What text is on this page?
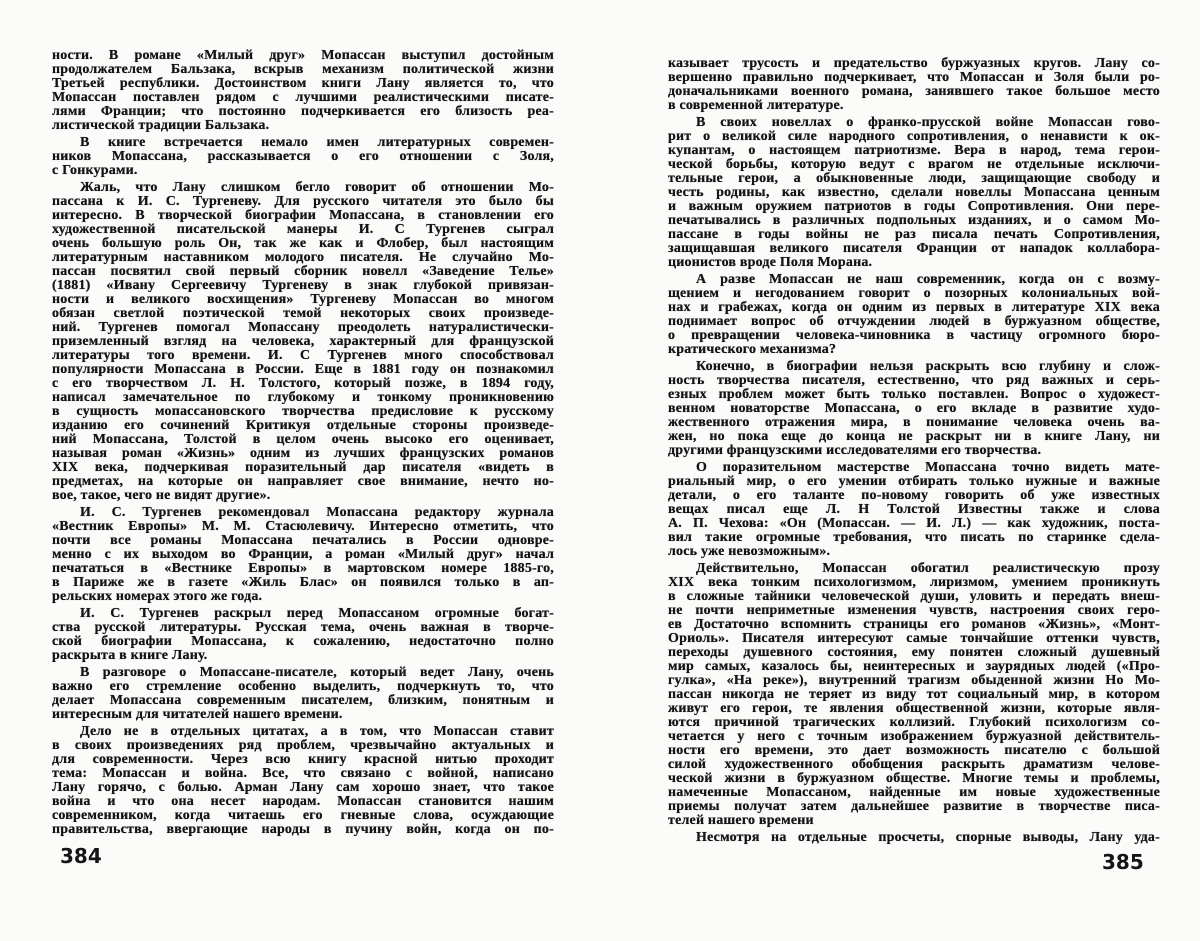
ности. В романе «Милый друг» Мопассан выступил достойным
продолжателем Бальзака, вскрыв механизм политической жизни
Третьей республики. Достоинством книги Лану является то, что
Мопассан поставлен рядом с лучшими реалистическими писате-
лями Франции; что постоянно подчеркивается его близость реа-
листической традиции Бальзака.
В книге встречается немало имен литературных современ-
ников Мопассана, рассказывается о его отношении с Золя,
с Гонкурами.
Жаль, что Лану слишком бегло говорит об отношении Мо-
пассана к И. С. Тургеневу. Для русского читателя это было бы
интересно. В творческой биографии Мопассана, в становлении его
художественной писательской манеры И. С Тургенев сыграл
очень большую роль Он, так же как и Флобер, был настоящим
литературным наставником молодого писателя. Не случайно Мо-
пассан посвятил свой первый сборник новелл «Заведение Телье»
(1881) «Ивану Сергеевичу Тургеневу в знак глубокой привязан-
ности и великого восхищения» Тургеневу Мопассан во многом
обязан светлой поэтической темой некоторых своих произведе-
ний. Тургенев помогал Мопассану преодолеть натуралистически-
приземленный взгляд на человека, характерный для французской
литературы того времени. И. С Тургенев много способствовал
популярности Мопассана в России. Еще в 1881 году он познакомил
с его творчеством Л. Н. Толстого, который позже, в 1894 году,
написал замечательное по глубокому и тонкому проникновению
в сущность мопассановского творчества предисловие к русскому
изданию его сочинений Критикуя отдельные стороны произведе-
ний Мопассана, Толстой в целом очень высоко его оценивает,
называя роман «Жизнь» одним из лучших французских романов
XIX века, подчеркивая поразительный дар писателя «видеть в
предметах, на которые он направляет свое внимание, нечто но-
вое, такое, чего не видят другие».
И. С. Тургенев рекомендовал Мопассана редактору журнала
«Вестник Европы» М. М. Стасюлевичу. Интересно отметить, что
почти все романы Мопассана печатались в России одновре-
менно с их выходом во Франции, а роман «Милый друг» начал
печататься в «Вестнике Европы» в мартовском номере 1885-го,
в Париже же в газете «Жиль Блас» он появился только в ап-
рельских номерах этого же года.
И. С. Тургенев раскрыл перед Мопассаном огромные богат-
ства русской литературы. Русская тема, очень важная в творче-
ской биографии Мопассана, к сожалению, недостаточно полно
раскрыта в книге Лану.
В разговоре о Мопассане-писателе, который ведет Лану, очень
важно его стремление особенно выделить, подчеркнуть то, что
делает Мопассана современным писателем, близким, понятным и
интересным для читателей нашего времени.
Дело не в отдельных цитатах, а в том, что Мопассан ставит
в своих произведениях ряд проблем, чрезвычайно актуальных и
для современности. Через всю книгу красной нитью проходит
тема: Мопассан и война. Все, что связано с войной, написано
Лану горячо, с болью. Арман Лану сам хорошо знает, что такое
война и что она несет народам. Мопассан становится нашим
современником, когда читаешь его гневные слова, осуждающие
правительства, ввергающие народы в пучину войн, когда он по-
384
казывает трусость и предательство буржуазных кругов. Лану со-
вершенно правильно подчеркивает, что Мопассан и Золя были ро-
доначальниками военного романа, занявшего такое большое место
в современной литературе.
В своих новеллах о франко-прусской войне Мопассан гово-
рит о великой силе народного сопротивления, о ненависти к ок-
купантам, о настоящем патриотизме. Вера в народ, тема герои-
ческой борьбы, которую ведут с врагом не отдельные исключи-
тельные герои, а обыкновенные люди, защищающие свободу и
честь родины, как известно, сделали новеллы Мопассана ценным
и важным оружием патриотов в годы Сопротивления. Они пере-
печатывались в различных подпольных изданиях, и о самом Мо-
пассане в годы войны не раз писала печать Сопротивления,
защищавшая великого писателя Франции от нападок коллабора-
ционистов вроде Поля Морана.
А разве Мопассан не наш современник, когда он с возму-
щением и негодованием говорит о позорных колониальных вой-
нах и грабежах, когда он одним из первых в литературе XIX века
поднимает вопрос об отчуждении людей в буржуазном обществе,
о превращении человека-чиновника в частицу огромного бюро-
кратического механизма?
Конечно, в биографии нельзя раскрыть всю глубину и слож-
ность творчества писателя, естественно, что ряд важных и серь-
езных проблем может быть только поставлен. Вопрос о художест-
венном новаторстве Мопассана, о его вкладе в развитие худо-
жественного отражения мира, в понимание человека очень ва-
жен, но пока еще до конца не раскрыт ни в книге Лану, ни
другими французскими исследователями его творчества.
О поразительном мастерстве Мопассана точно видеть мате-
риальный мир, о его умении отбирать только нужные и важные
детали, о его таланте по-новому говорить об уже известных
вещах писал еще Л. Н Толстой Известны также и слова
А. П. Чехова: «Он (Мопассан. — И. Л.) — как художник, поста-
вил такие огромные требования, что писать по старинке сдела-
лось уже невозможным».
Действительно, Мопассан обогатил реалистическую прозу
XIX века тонким психологизмом, лиризмом, умением проникнуть
в сложные тайники человеческой души, уловить и передать внеш-
не почти неприметные изменения чувств, настроения своих геро-
ев Достаточно вспомнить страницы его романов «Жизнь», «Монт-
Ориоль». Писателя интересуют самые тончайшие оттенки чувств,
переходы душевного состояния, ему понятен сложный душевный
мир самых, казалось бы, неинтересных и заурядных людей («Про-
гулка», «На реке»), внутренний трагизм обыденной жизни Но Мо-
пассан никогда не теряет из виду тот социальный мир, в котором
живут его герои, те явления общественной жизни, которые явля-
ются причиной трагических коллизий. Глубокий психологизм со-
четается у него с точным изображением буржуазной действитель-
ности его времени, это дает возможность писателю с большой
силой художественного обобщения раскрыть драматизм челове-
ческой жизни в буржуазном обществе. Многие темы и проблемы,
намеченные Мопассаном, найденные им новые художественные
приемы получат затем дальнейшее развитие в творчестве писа-
телей нашего времени
Несмотря на отдельные просчеты, спорные выводы, Лану уда-
385
